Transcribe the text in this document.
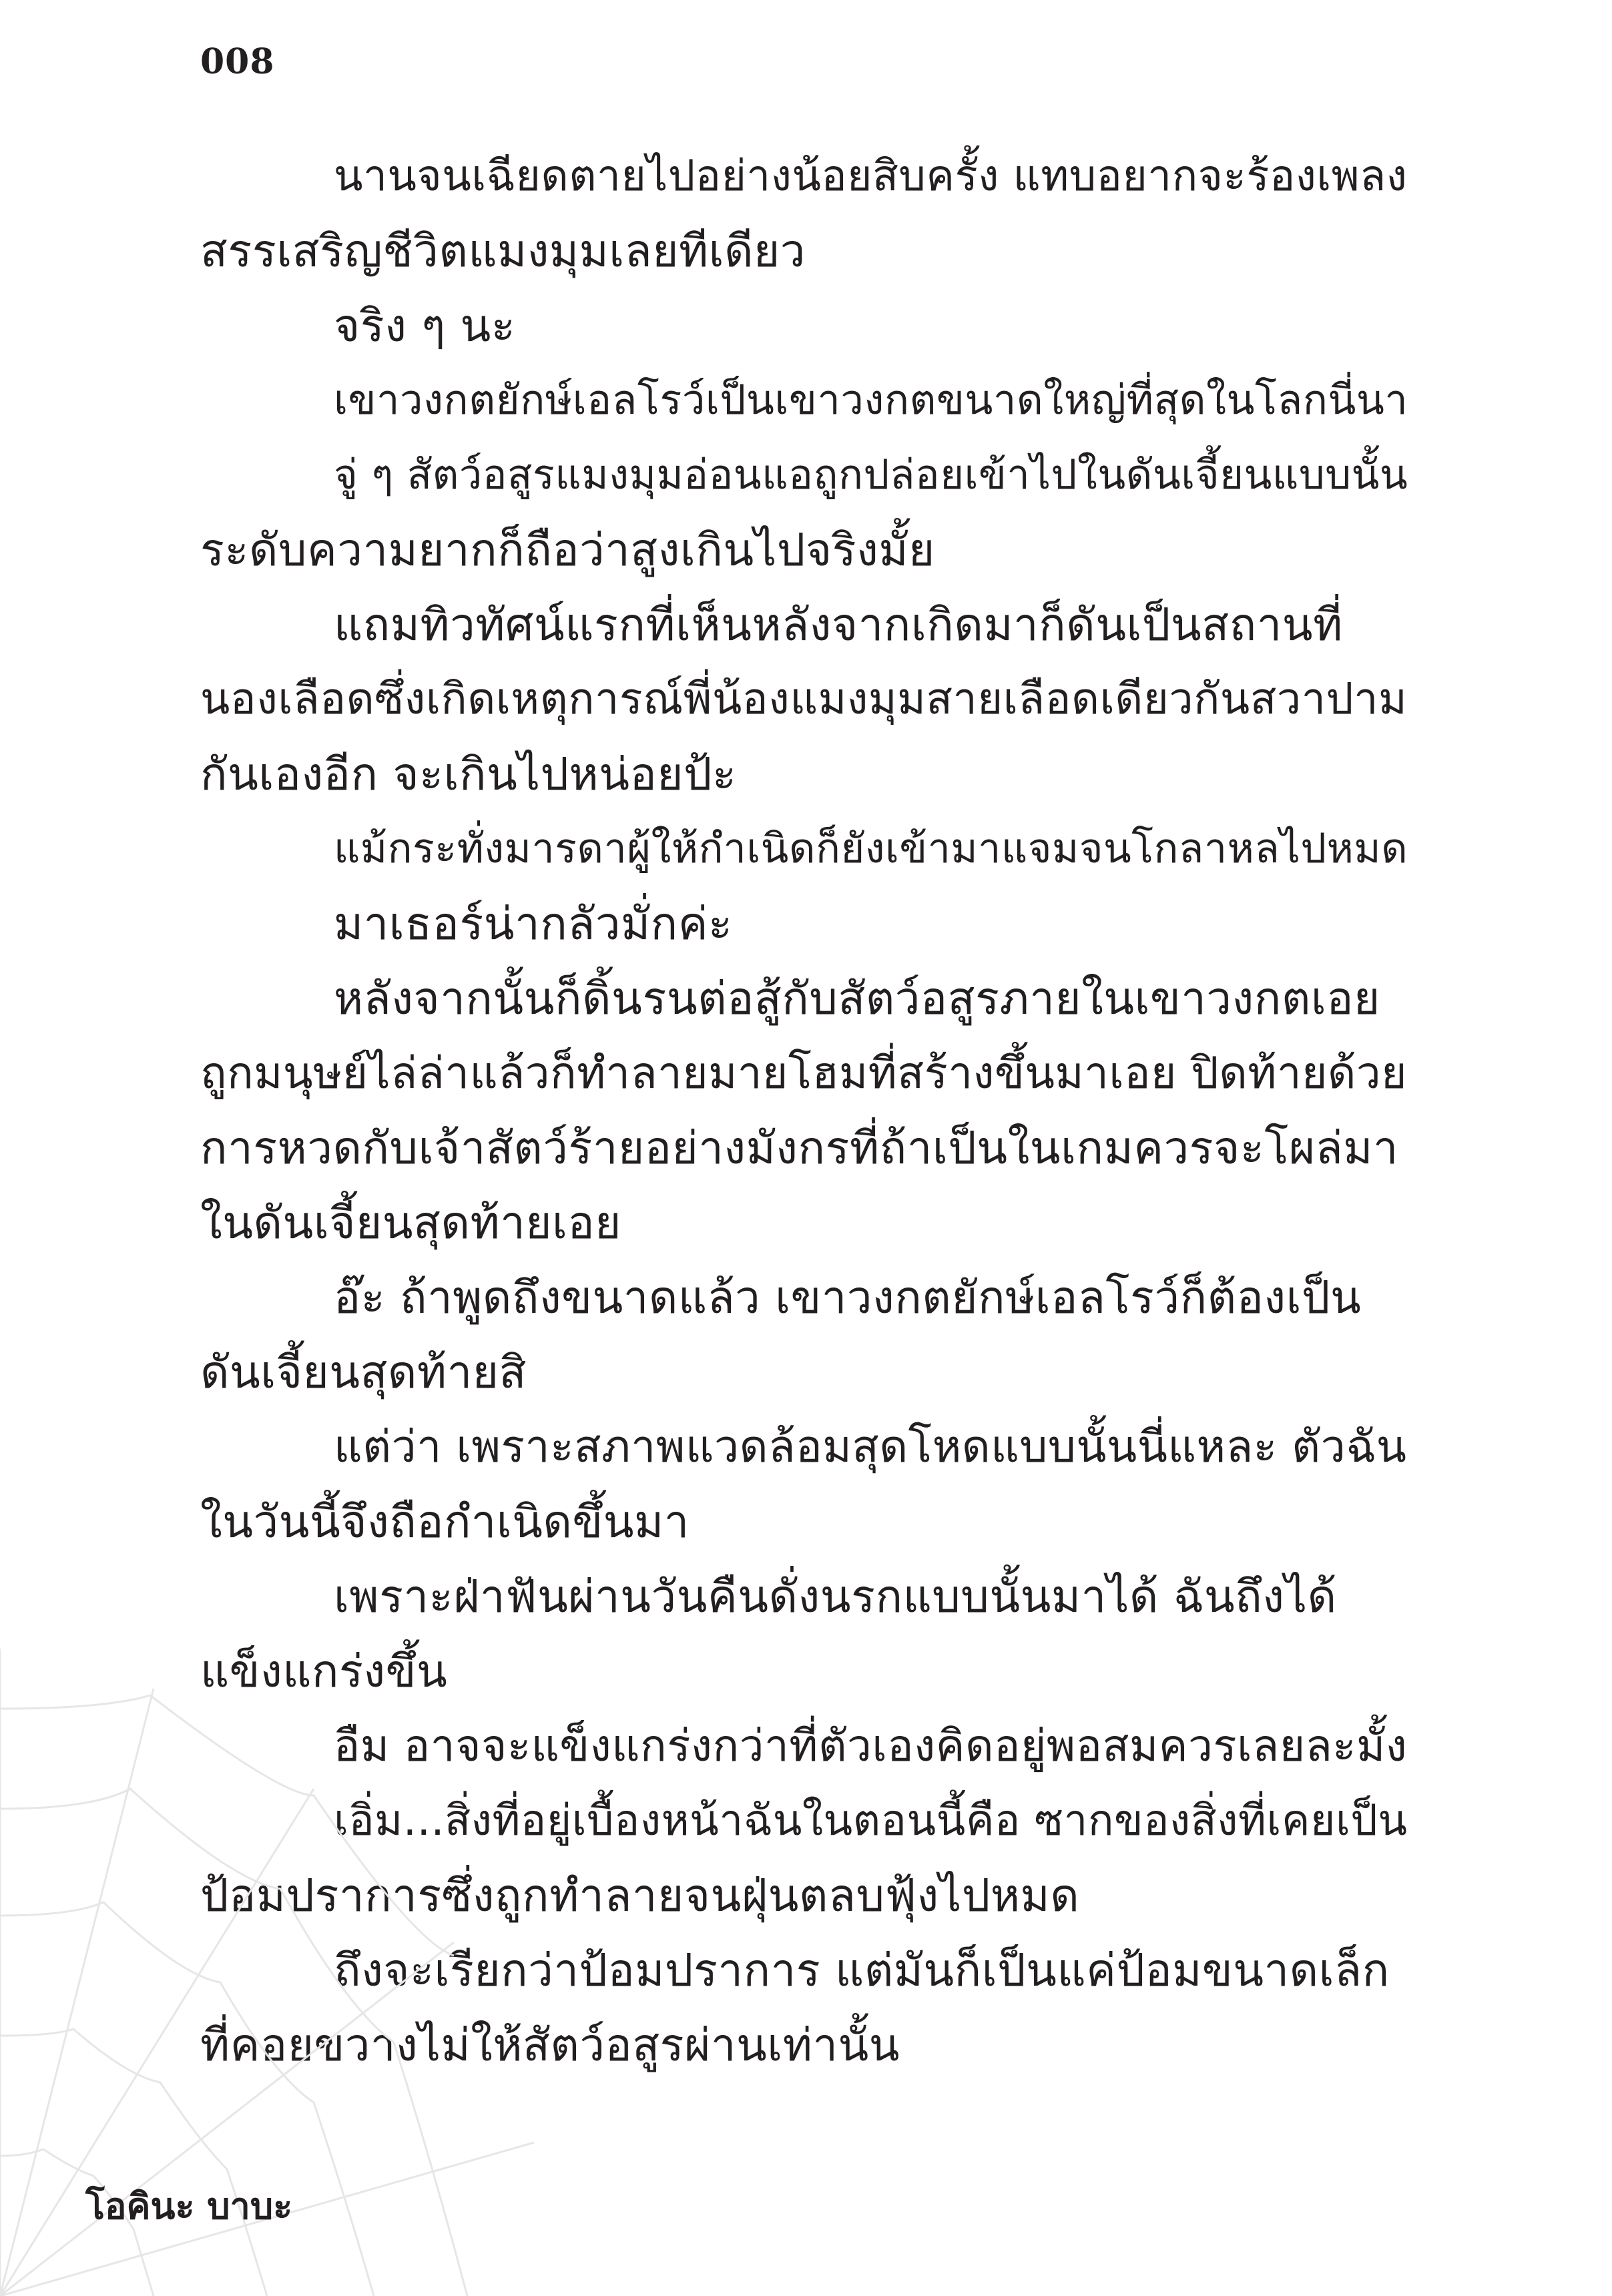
008
นานจนเฉียดตายไปอย่างน้อยสิบครั้ง แทบอยากจะร้องเพลง
สรรเสริญชีวิตแมงมุมเลยทีเดียว
จริง ๆ นะ
เขาวงกตยักษ์เอลโรว์เป็นเขาวงกตขนาดใหญ่ที่สุดในโลกนี่นา
จู่ ๆ สัตว์อสูรแมงมุมอ่อนแอถูกปล่อยเข้าไปในดันเจี้ยนแบบนั้น
ระดับความยากก็ถือว่าสูงเกินไปจริงมั้ย
แถมทิวทัศน์แรกที่เห็นหลังจากเกิดมาก็ดันเป็นสถานที่
นองเลือดซึ่งเกิดเหตุการณ์พี่น้องแมงมุมสายเลือดเดียวกันสวาปาม
กันเองอีก จะเกินไปหน่อยป้ะ
แม้กระทั่งมารดาผู้ให้กำเนิดก็ยังเข้ามาแจมจนโกลาหลไปหมด
มาเธอร์น่ากลัวมั่กค่ะ
หลังจากนั้นก็ดิ้นรนต่อสู้กับสัตว์อสูรภายในเขาวงกตเอย
ถูกมนุษย์ไล่ล่าแล้วก็ทำลายมายโฮมที่สร้างขึ้นมาเอย ปิดท้ายด้วย
การหวดกับเจ้าสัตว์ร้ายอย่างมังกรที่ถ้าเป็นในเกมควรจะโผล่มา
ในดันเจี้ยนสุดท้ายเอย
อ๊ะ ถ้าพูดถึงขนาดแล้ว เขาวงกตยักษ์เอลโรว์ก็ต้องเป็น
ดันเจี้ยนสุดท้ายสิ
แต่ว่า เพราะสภาพแวดล้อมสุดโหดแบบนั้นนี่แหละ ตัวฉัน
ในวันนี้จึงถือกำเนิดขึ้นมา
เพราะฝ่าฟันผ่านวันคืนดั่งนรกแบบนั้นมาได้ ฉันถึงได้
แข็งแกร่งขึ้น
อืม อาจจะแข็งแกร่งกว่าที่ตัวเองคิดอยู่พอสมควรเลยละมั้ง
เอิ่ม...สิ่งที่อยู่เบื้องหน้าฉันในตอนนี้คือ ซากของสิ่งที่เคยเป็น
ป้อมปราการซึ่งถูกทำลายจนฝุ่นตลบฟุ้งไปหมด
ถึงจะเรียกว่าป้อมปราการ แต่มันก็เป็นแค่ป้อมขนาดเล็ก
ที่คอยขวางไม่ให้สัตว์อสูรผ่านเท่านั้น
โอคินะ บาบะ
